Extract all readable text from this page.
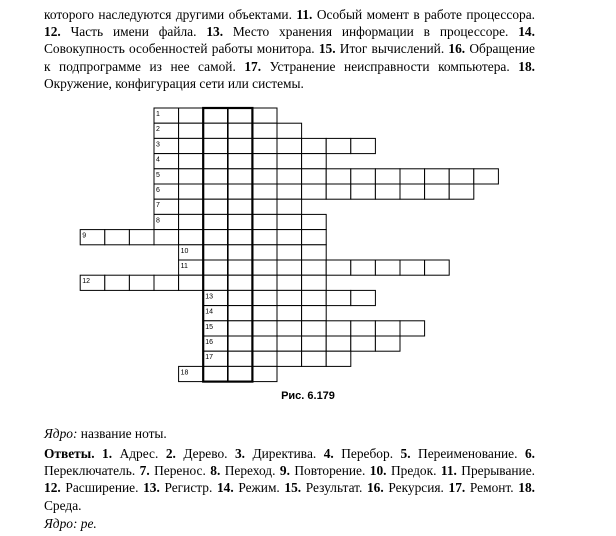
которого наследуются другими объектами. 11. Особый момент в работе процессора. 12. Часть имени файла. 13. Место хранения информации в процессоре. 14. Совокупность особенностей работы монитора. 15. Итог вычислений. 16. Обращение к подпрограмме из нее самой. 17. Устранение неисправности компьютера. 18. Окружение, конфигурация сети или системы.
1
2
3
4
5
6
7
8
9
10
11
12
13
14
15
16
17
18
Рис. 6.179
Ядро: название ноты.
Ответы. 1. Адрес. 2. Дерево. 3. Директива. 4. Перебор. 5. Переименование. 6. Переключатель. 7. Перенос. 8. Переход. 9. Повторение. 10. Предок. 11. Прерывание. 12. Расширение. 13. Регистр. 14. Режим. 15. Результат. 16. Рекурсия. 17. Ремонт. 18. Среда.
Ядро: ре.
